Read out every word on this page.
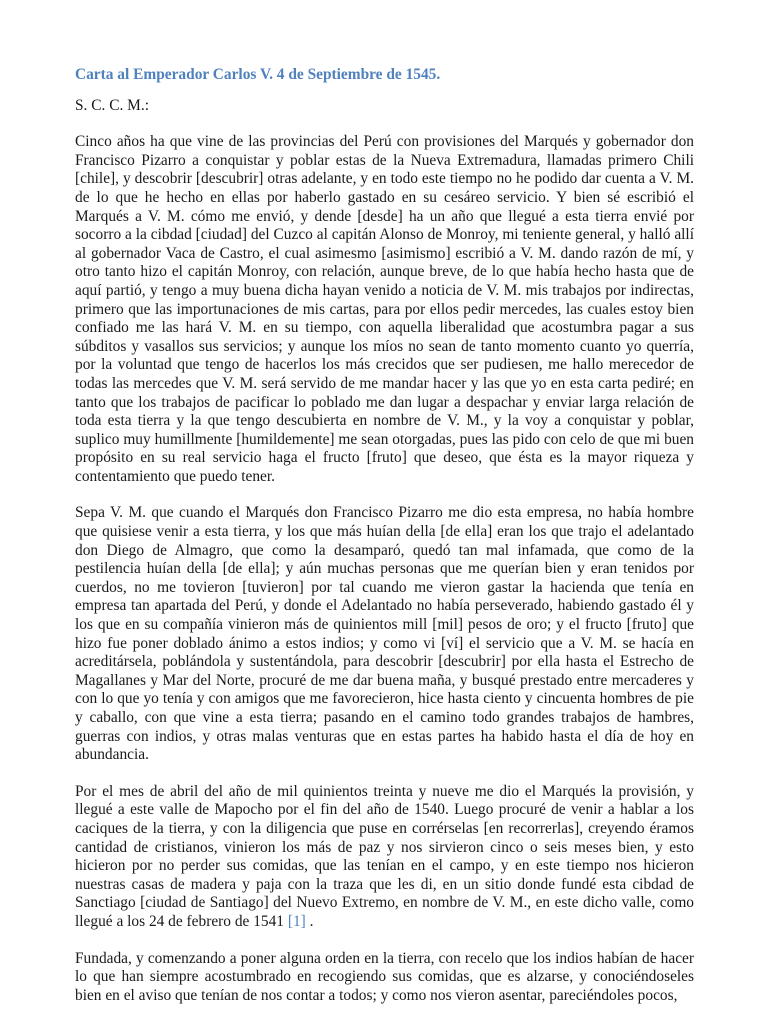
Carta al Emperador Carlos V. 4 de Septiembre de 1545.
S. C. C. M.:

Cinco años ha que vine de las provincias del Perú con provisiones del Marqués y gobernador don Francisco Pizarro a conquistar y poblar estas de la Nueva Extremadura, llamadas primero Chili [chile], y descobrir [descubrir] otras adelante, y en todo este tiempo no he podido dar cuenta a V. M. de lo que he hecho en ellas por haberlo gastado en su cesáreo servicio. Y bien sé escribió el Marqués a V. M. cómo me envió, y dende [desde] ha un año que llegué a esta tierra envié por socorro a la cibdad [ciudad] del Cuzco al capitán Alonso de Monroy, mi teniente general, y halló allí al gobernador Vaca de Castro, el cual asimesmo [asimismo] escribió a V. M. dando razón de mí, y otro tanto hizo el capitán Monroy, con relación, aunque breve, de lo que había hecho hasta que de aquí partió, y tengo a muy buena dicha hayan venido a noticia de V. M. mis trabajos por indirectas, primero que las importunaciones de mis cartas, para por ellos pedir mercedes, las cuales estoy bien confiado me las hará V. M. en su tiempo, con aquella liberalidad que acostumbra pagar a sus súbditos y vasallos sus servicios; y aunque los míos no sean de tanto momento cuanto yo querría, por la voluntad que tengo de hacerlos los más crecidos que ser pudiesen, me hallo merecedor de todas las mercedes que V. M. será servido de me mandar hacer y las que yo en esta carta pediré; en tanto que los trabajos de pacificar lo poblado me dan lugar a despachar y enviar larga relación de toda esta tierra y la que tengo descubierta en nombre de V. M., y la voy a conquistar y poblar, suplico muy humillmente [humildemente] me sean otorgadas, pues las pido con celo de que mi buen propósito en su real servicio haga el fructo [fruto] que deseo, que ésta es la mayor riqueza y contentamiento que puedo tener.

Sepa V. M. que cuando el Marqués don Francisco Pizarro me dio esta empresa, no había hombre que quisiese venir a esta tierra, y los que más huían della [de ella] eran los que trajo el adelantado don Diego de Almagro, que como la desamparó, quedó tan mal infamada, que como de la pestilencia huían della [de ella]; y aún muchas personas que me querían bien y eran tenidos por cuerdos, no me tovieron [tuvieron] por tal cuando me vieron gastar la hacienda que tenía en empresa tan apartada del Perú, y donde el Adelantado no había perseverado, habiendo gastado él y los que en su compañía vinieron más de quinientos mill [mil] pesos de oro; y el fructo [fruto] que hizo fue poner doblado ánimo a estos indios; y como vi [ví] el servicio que a V. M. se hacía en acreditársela, poblándola y sustentándola, para descobrir [descubrir] por ella hasta el Estrecho de Magallanes y Mar del Norte, procuré de me dar buena maña, y busqué prestado entre mercaderes y con lo que yo tenía y con amigos que me favorecieron, hice hasta ciento y cincuenta hombres de pie y caballo, con que vine a esta tierra; pasando en el camino todo grandes trabajos de hambres, guerras con indios, y otras malas venturas que en estas partes ha habido hasta el día de hoy en abundancia.

Por el mes de abril del año de mil quinientos treinta y nueve me dio el Marqués la provisión, y llegué a este valle de Mapocho por el fin del año de 1540. Luego procuré de venir a hablar a los caciques de la tierra, y con la diligencia que puse en corrérselas [en recorrerlas], creyendo éramos cantidad de cristianos, vinieron los más de paz y nos sirvieron cinco o seis meses bien, y esto hicieron por no perder sus comidas, que las tenían en el campo, y en este tiempo nos hicieron nuestras casas de madera y paja con la traza que les di, en un sitio donde fundé esta cibdad de Sanctiago [ciudad de Santiago] del Nuevo Extremo, en nombre de V. M., en este dicho valle, como llegué a los 24 de febrero de 1541 [1] .

Fundada, y comenzando a poner alguna orden en la tierra, con recelo que los indios habían de hacer lo que han siempre acostumbrado en recogiendo sus comidas, que es alzarse, y conociéndoseles bien en el aviso que tenían de nos contar a todos; y como nos vieron asentar, pareciéndoles pocos,
